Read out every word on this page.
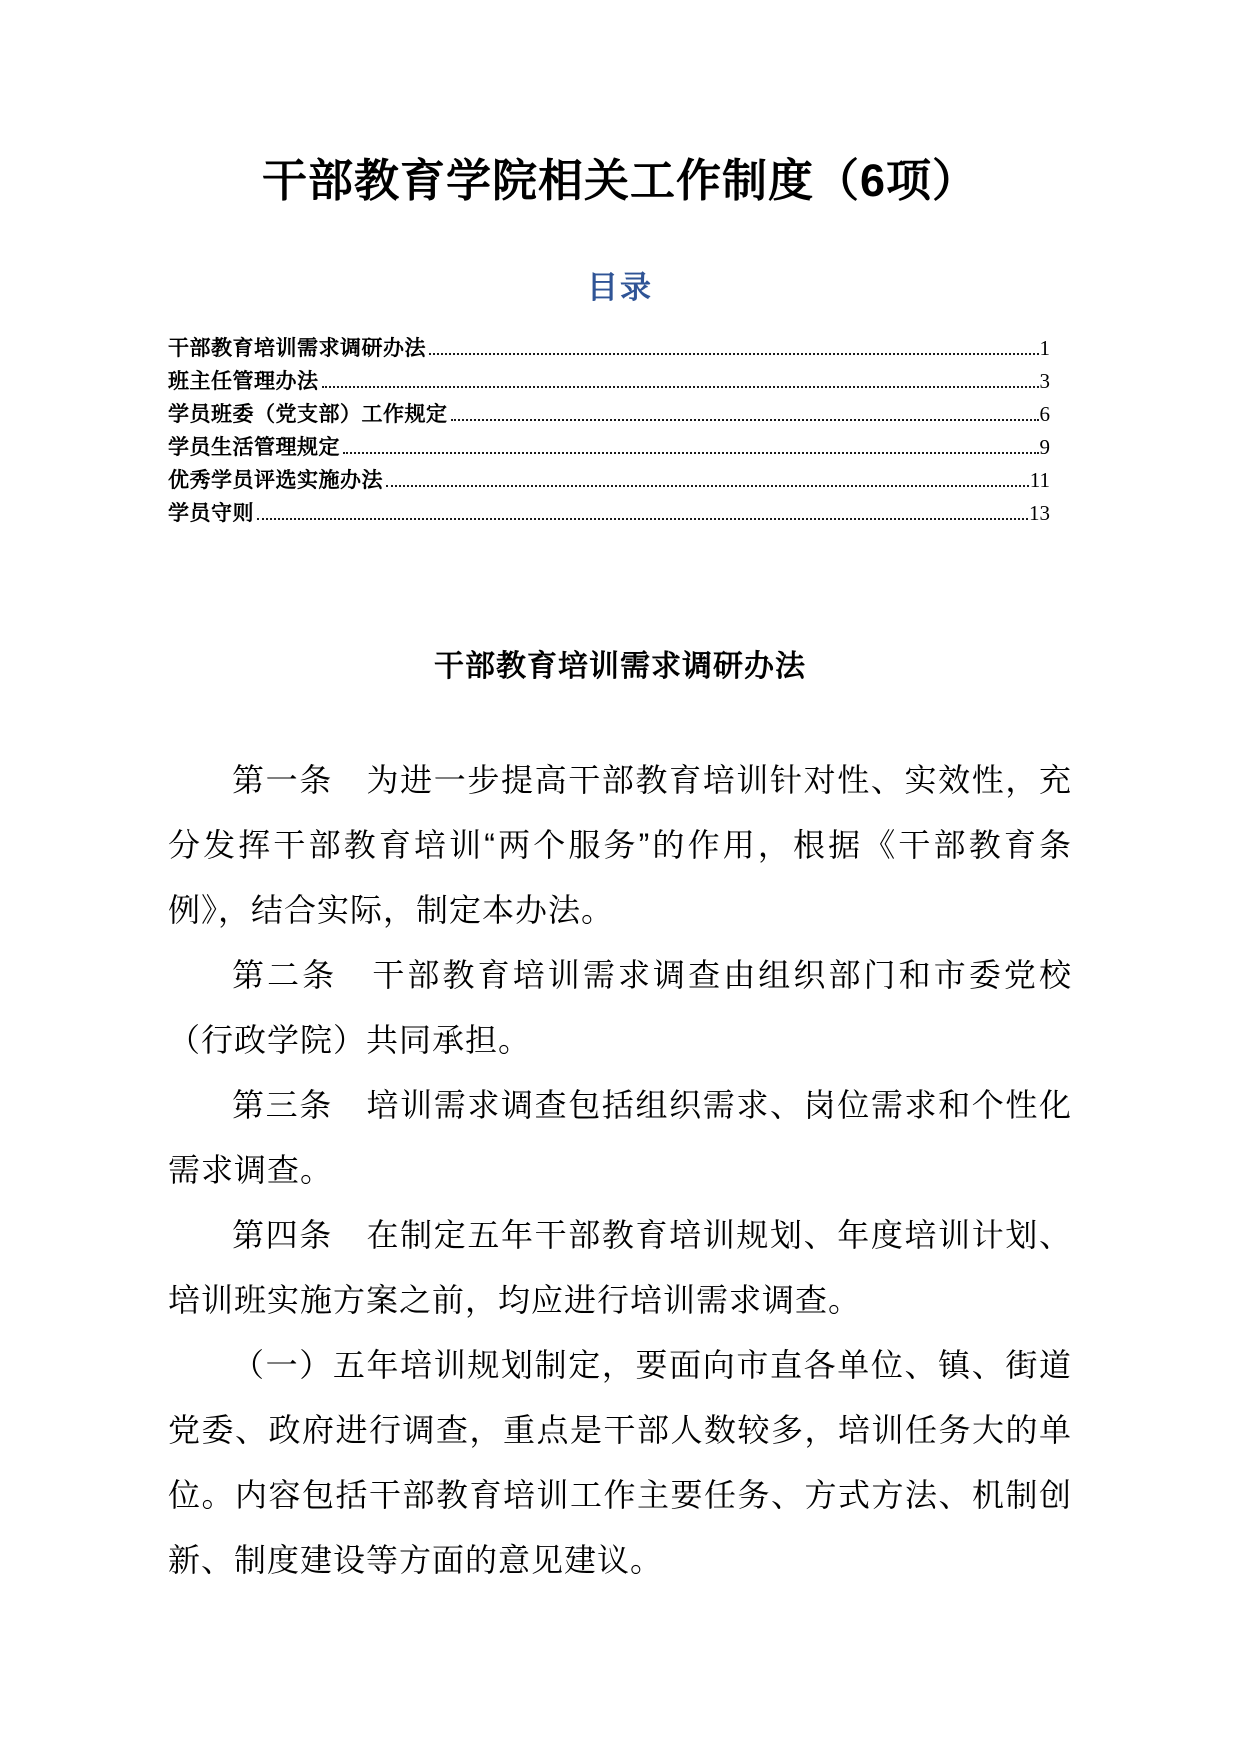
干部教育学院相关工作制度（6项）
目录
干部教育培训需求调研办法	1
班主任管理办法	3
学员班委（党支部）工作规定	6
学员生活管理规定	9
优秀学员评选实施办法	11
学员守则	13
干部教育培训需求调研办法

第一条　为进一步提高干部教育培训针对性、实效性，充分发挥干部教育培训“两个服务”的作用，根据《干部教育条例》，结合实际，制定本办法。

第二条　干部教育培训需求调查由组织部门和市委党校（行政学院）共同承担。

第三条　培训需求调查包括组织需求、岗位需求和个性化需求调查。

第四条　在制定五年干部教育培训规划、年度培训计划、培训班实施方案之前，均应进行培训需求调查。

（一）五年培训规划制定，要面向市直各单位、镇、街道党委、政府进行调查，重点是干部人数较多，培训任务大的单位。内容包括干部教育培训工作主要任务、方式方法、机制创新、制度建设等方面的意见建议。
